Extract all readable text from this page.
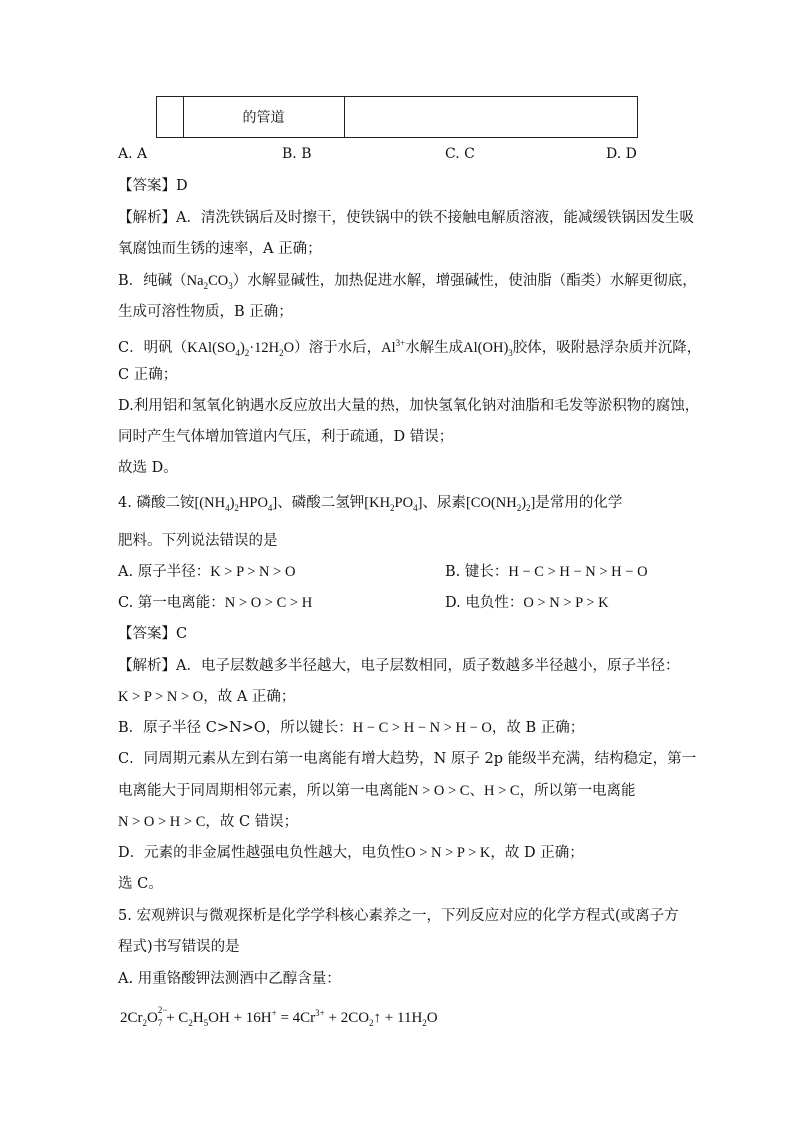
的管道
A. A	B. B	C. C	D. D
【答案】D
【解析】A．清洗铁锅后及时擦干，使铁锅中的铁不接触电解质溶液，能减缓铁锅因发生吸
氧腐蚀而生锈的速率，A 正确；
B．纯碱$(Na_2CO_3)$水解显碱性，加热促进水解，增强碱性，使油脂（酯类）水解更彻底，
生成可溶性物质，B 正确；
C．明矾$(KAl(SO_4)_2\cdot 12H_2O)$溶于水后，$Al^{3+}$水解生成$Al(OH)_3$胶体，吸附悬浮杂质并沉降，
C 正确；
D.利用铝和氢氧化钠遇水反应放出大量的热，加快氢氧化钠对油脂和毛发等淤积物的腐蚀，
同时产生气体增加管道内气压，利于疏通，D 错误；
故选 D。
4. 磷酸二铵$[(NH_4)_2HPO_4]$、磷酸二氢钾$[KH_2PO_4]$、尿素$[CO(NH_2)_2]$是常用的化学
肥料。下列说法错误的是
A. 原子半径：K > P > N > O	B. 键长：H − C > H − N > H − O
C. 第一电离能：N > O > C > H	D. 电负性：O > N > P > K
【答案】C
【解析】A．电子层数越多半径越大，电子层数相同，质子数越多半径越小，原子半径：
K > P > N > O，故 A 正确；
B．原子半径 C>N>O，所以键长：H − C > H − N > H − O，故 B 正确；
C．同周期元素从左到右第一电离能有增大趋势，N 原子 2p 能级半充满，结构稳定，第一
电离能大于同周期相邻元素，所以第一电离能N > O > C、H > C，所以第一电离能
N > O > H > C，故 C 错误；
D．元素的非金属性越强电负性越大，电负性O > N > P > K，故 D 正确；
选 C。
5. 宏观辨识与微观探析是化学学科核心素养之一，下列反应对应的化学方程式(或离子方
程式)书写错误的是
A. 用重铬酸钾法测酒中乙醇含量：
$2Cr_2O_7$
2−
+ $C_2H_5OH + 16H^+ = 4Cr^{3+}$ + $2CO_2↑ + 11H_2O$
